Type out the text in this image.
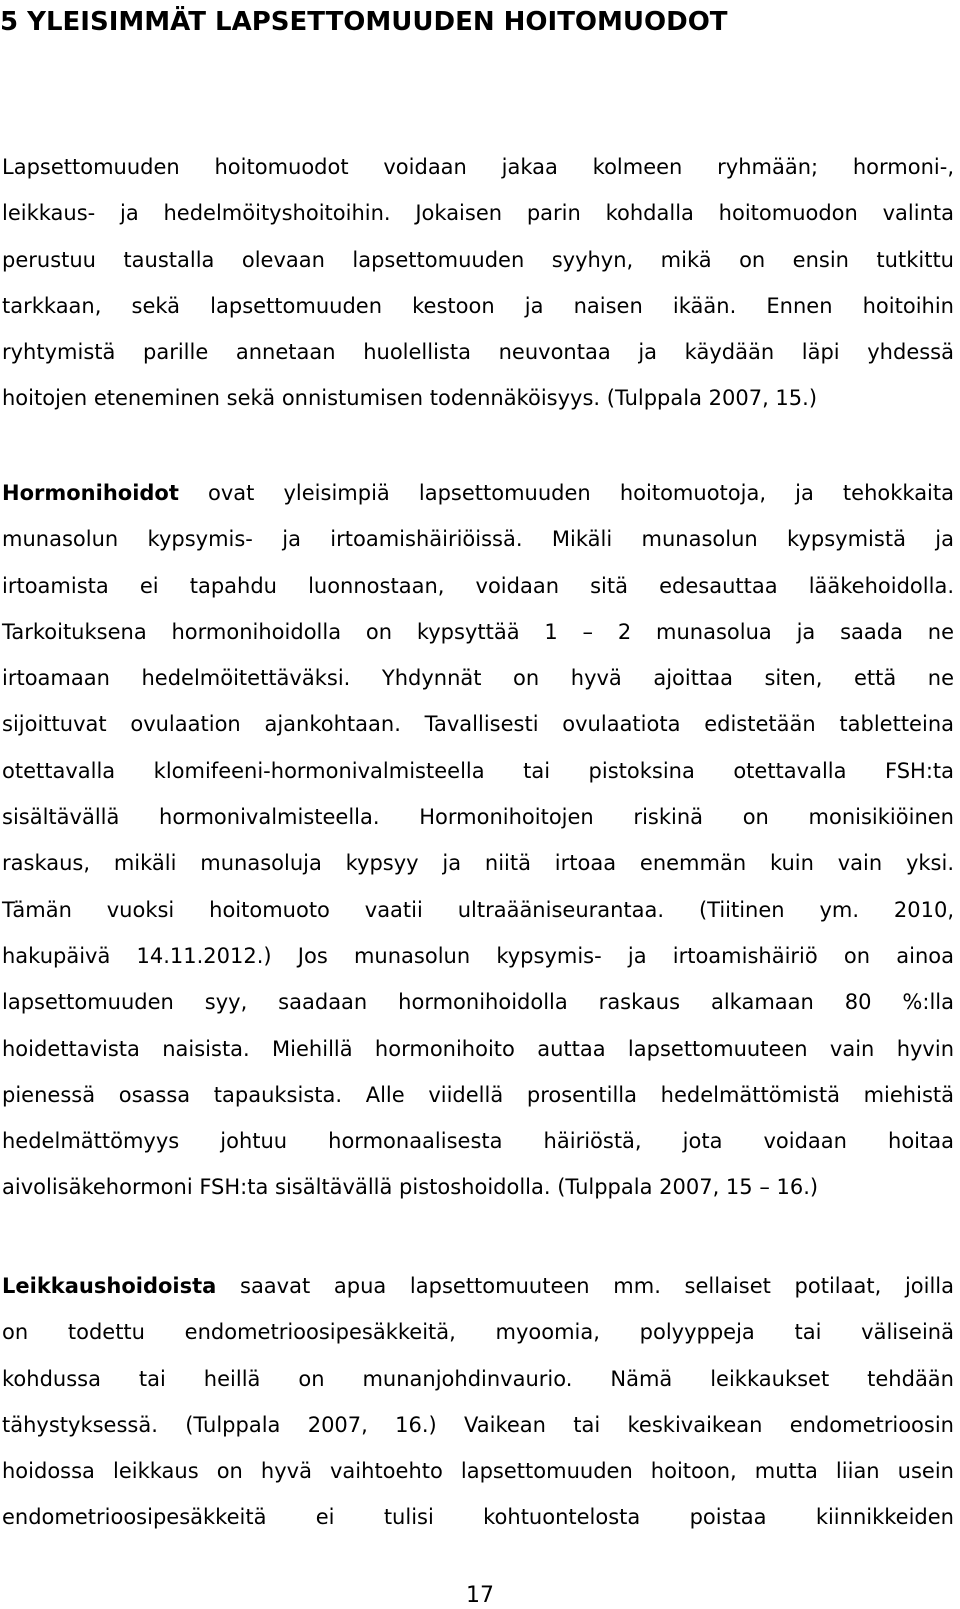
5 YLEISIMMÄT LAPSETTOMUUDEN HOITOMUODOT
Lapsettomuuden hoitomuodot voidaan jakaa kolmeen ryhmään; hormoni-,
leikkaus- ja hedelmöityshoitoihin. Jokaisen parin kohdalla hoitomuodon valinta
perustuu taustalla olevaan lapsettomuuden syyhyn, mikä on ensin tutkittu
tarkkaan, sekä lapsettomuuden kestoon ja naisen ikään. Ennen hoitoihin
ryhtymistä parille annetaan huolellista neuvontaa ja käydään läpi yhdessä
hoitojen eteneminen sekä onnistumisen todennäköisyys. (Tulppala 2007, 15.)
Hormonihoidot ovat yleisimpiä lapsettomuuden hoitomuotoja, ja tehokkaita
munasolun kypsymis- ja irtoamishäiriöissä. Mikäli munasolun kypsymistä ja
irtoamista ei tapahdu luonnostaan, voidaan sitä edesauttaa lääkehoidolla.
Tarkoituksena hormonihoidolla on kypsyttää 1 – 2 munasolua ja saada ne
irtoamaan hedelmöitettäväksi. Yhdynnät on hyvä ajoittaa siten, että ne
sijoittuvat ovulaation ajankohtaan. Tavallisesti ovulaatiota edistetään tabletteina
otettavalla klomifeeni-hormonivalmisteella tai pistoksina otettavalla FSH:ta
sisältävällä hormonivalmisteella. Hormonihoitojen riskinä on monisikiöinen
raskaus, mikäli munasoluja kypsyy ja niitä irtoaa enemmän kuin vain yksi.
Tämän vuoksi hoitomuoto vaatii ultraääniseurantaa. (Tiitinen ym. 2010,
hakupäivä 14.11.2012.) Jos munasolun kypsymis- ja irtoamishäiriö on ainoa
lapsettomuuden syy, saadaan hormonihoidolla raskaus alkamaan 80 %:lla
hoidettavista naisista. Miehillä hormonihoito auttaa lapsettomuuteen vain hyvin
pienessä osassa tapauksista. Alle viidellä prosentilla hedelmättömistä miehistä
hedelmättömyys johtuu hormonaalisesta häiriöstä, jota voidaan hoitaa
aivolisäkehormoni FSH:ta sisältävällä pistoshoidolla. (Tulppala 2007, 15 – 16.)
Leikkaushoidoista saavat apua lapsettomuuteen mm. sellaiset potilaat, joilla
on todettu endometrioosipesäkkeitä, myoomia, polyyppeja tai väliseinä
kohdussa tai heillä on munanjohdinvaurio. Nämä leikkaukset tehdään
tähystyksessä. (Tulppala 2007, 16.) Vaikean tai keskivaikean endometrioosin
hoidossa leikkaus on hyvä vaihtoehto lapsettomuuden hoitoon, mutta liian usein
endometrioosipesäkkeitä ei tulisi kohtuontelosta poistaa kiinnikkeiden
17
